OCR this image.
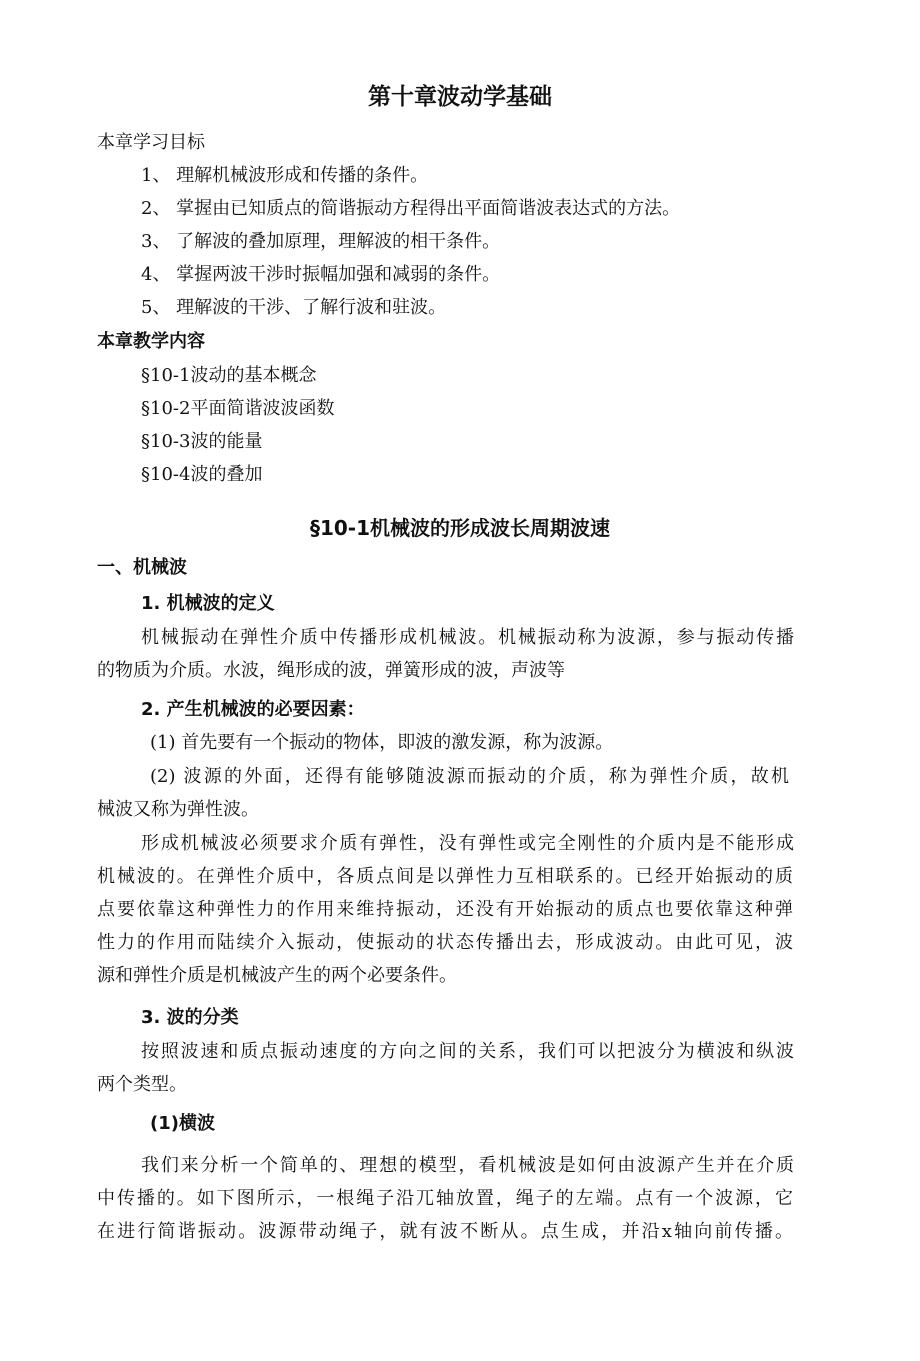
第十章波动学基础
本章学习目标
1、 理解机械波形成和传播的条件。
2、 掌握由已知质点的简谐振动方程得出平面简谐波表达式的方法。
3、 了解波的叠加原理，理解波的相干条件。
4、 掌握两波干涉时振幅加强和减弱的条件。
5、 理解波的干涉、了解行波和驻波。
本章教学内容
§10-1波动的基本概念
§10-2平面简谐波波函数
§10-3波的能量
§10-4波的叠加
§10-1机械波的形成波长周期波速
一、机械波
1. 机械波的定义
机械振动在弹性介质中传播形成机械波。机械振动称为波源，参与振动传播
的物质为介质。水波，绳形成的波，弹簧形成的波，声波等
2. 产生机械波的必要因素：
(1) 首先要有一个振动的物体，即波的激发源，称为波源。
(2) 波源的外面，还得有能够随波源而振动的介质，称为弹性介质，故机
械波又称为弹性波。
形成机械波必须要求介质有弹性，没有弹性或完全刚性的介质内是不能形成
机械波的。在弹性介质中，各质点间是以弹性力互相联系的。已经开始振动的质
点要依靠这种弹性力的作用来维持振动，还没有开始振动的质点也要依靠这种弹
性力的作用而陆续介入振动，使振动的状态传播出去，形成波动。由此可见，波
源和弹性介质是机械波产生的两个必要条件。
3. 波的分类
按照波速和质点振动速度的方向之间的关系，我们可以把波分为横波和纵波
两个类型。
(1)横波
我们来分析一个简单的、理想的模型，看机械波是如何由波源产生并在介质
中传播的。如下图所示，一根绳子沿兀轴放置，绳子的左端。点有一个波源，它
在进行简谐振动。波源带动绳子，就有波不断从。点生成，并沿x轴向前传播。
